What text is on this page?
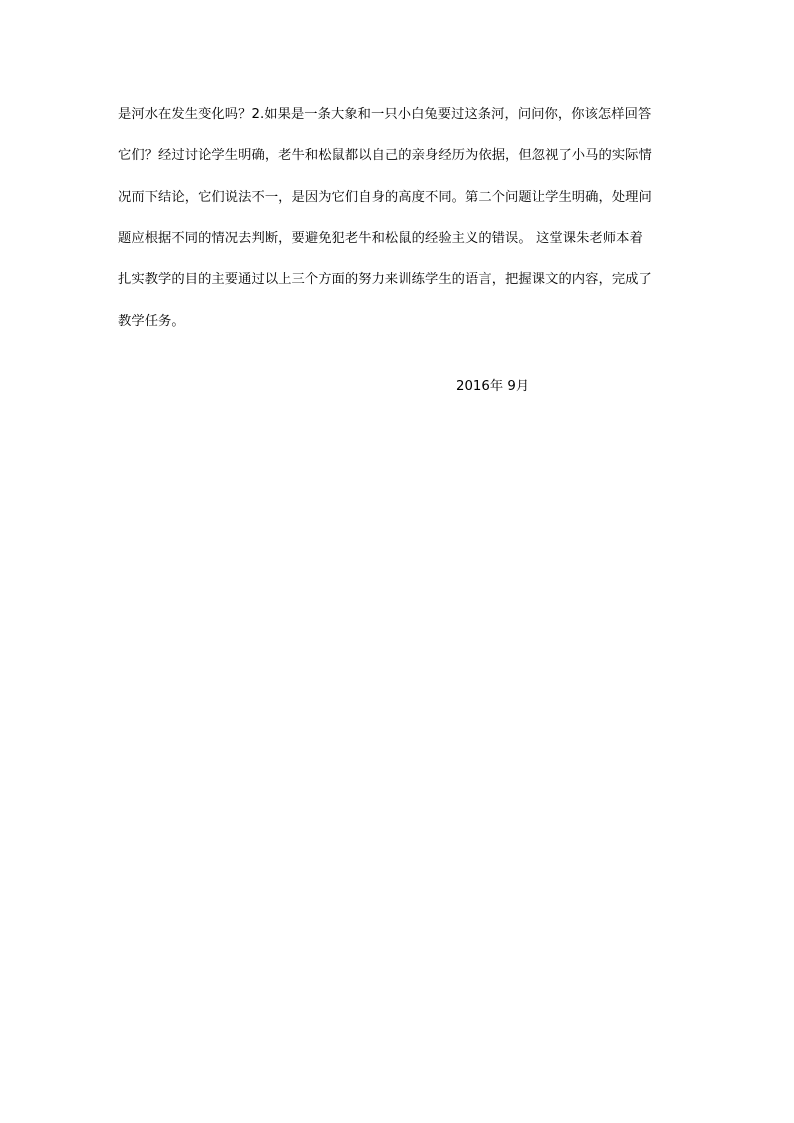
是河水在发生变化吗？2.如果是一条大象和一只小白兔要过这条河，问问你，你该怎样回答
它们？经过讨论学生明确，老牛和松鼠都以自己的亲身经历为依据，但忽视了小马的实际情
况而下结论，它们说法不一，是因为它们自身的高度不同。第二个问题让学生明确，处理问
题应根据不同的情况去判断，要避免犯老牛和松鼠的经验主义的错误。 这堂课朱老师本着
扎实教学的目的主要通过以上三个方面的努力来训练学生的语言，把握课文的内容，完成了
教学任务。
2016年 9月
